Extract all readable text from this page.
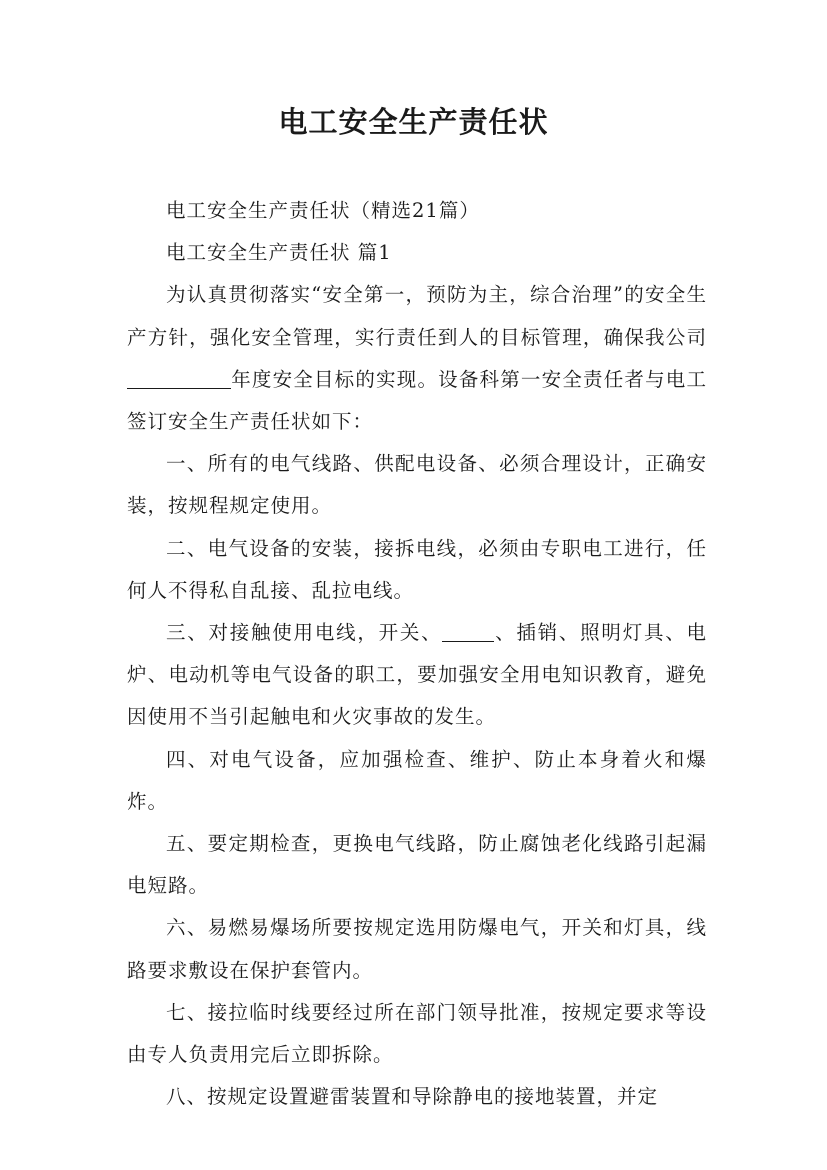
电工安全生产责任状

电工安全生产责任状（精选21篇）

电工安全生产责任状 篇1

为认真贯彻落实“安全第一，预防为主，综合治理”的安全生产方针，强化安全管理，实行责任到人的目标管理，确保我公司年度安全目标的实现。设备科第一安全责任者与电工签订安全生产责任状如下：

一、所有的电气线路、供配电设备、必须合理设计，正确安装，按规程规定使用。

二、电气设备的安装，接拆电线，必须由专职电工进行，任何人不得私自乱接、乱拉电线。

三、对接触使用电线，开关、	、插销、照明灯具、电炉、电动机等电气设备的职工，要加强安全用电知识教育，避免因使用不当引起触电和火灾事故的发生。

四、对电气设备，应加强检查、维护、防止本身着火和爆炸。

五、要定期检查，更换电气线路，防止腐蚀老化线路引起漏电短路。

六、易燃易爆场所要按规定选用防爆电气，开关和灯具，线路要求敷设在保护套管内。

七、接拉临时线要经过所在部门领导批准，按规定要求等设由专人负责用完后立即拆除。

八、按规定设置避雷装置和导除静电的接地装置，并定
